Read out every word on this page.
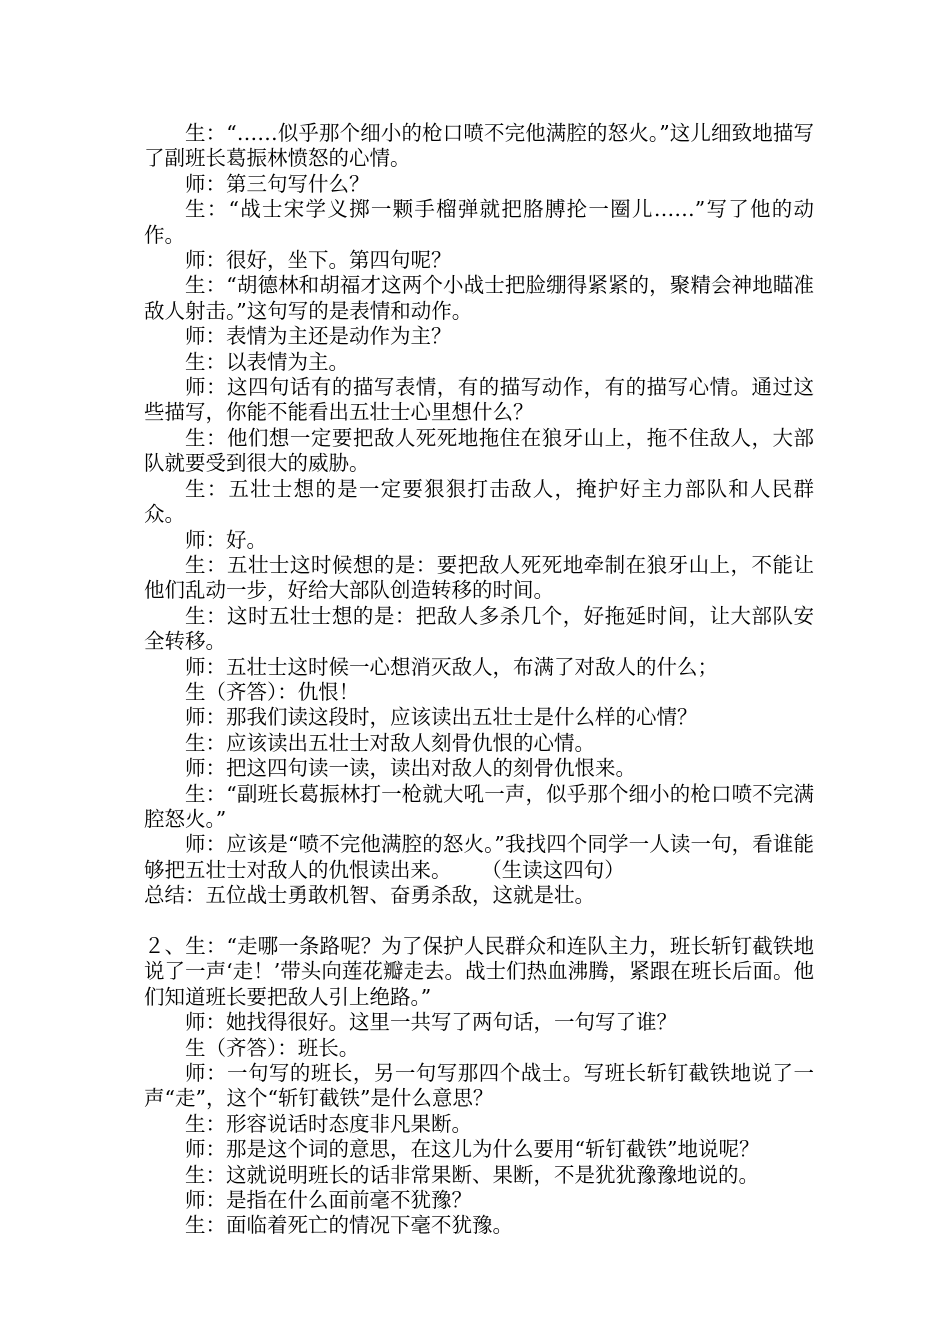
生：“……似乎那个细小的枪口喷不完他满腔的怒火。”这儿细致地描写了副班长葛振林愤怒的心情。

师：第三句写什么？

生：“战士宋学义掷一颗手榴弹就把胳膊抡一圈儿……”写了他的动作。

师：很好，坐下。第四句呢？

生：“胡德林和胡福才这两个小战士把脸绷得紧紧的，聚精会神地瞄准敌人射击。”这句写的是表情和动作。

师：表情为主还是动作为主？

生：以表情为主。

师：这四句话有的描写表情，有的描写动作，有的描写心情。通过这些描写，你能不能看出五壮士心里想什么？

生：他们想一定要把敌人死死地拖住在狼牙山上，拖不住敌人，大部队就要受到很大的威胁。

生：五壮士想的是一定要狠狠打击敌人，掩护好主力部队和人民群众。

师：好。

生：五壮士这时候想的是：要把敌人死死地牵制在狼牙山上，不能让他们乱动一步，好给大部队创造转移的时间。

生：这时五壮士想的是：把敌人多杀几个，好拖延时间，让大部队安全转移。

师：五壮士这时候一心想消灭敌人，布满了对敌人的什么；

生（齐答）：仇恨！

师：那我们读这段时，应该读出五壮士是什么样的心情？

生：应该读出五壮士对敌人刻骨仇恨的心情。

师：把这四句读一读，读出对敌人的刻骨仇恨来。

生：“副班长葛振林打一枪就大吼一声，似乎那个细小的枪口喷不完满腔怒火。”

师：应该是“喷不完他满腔的怒火。”我找四个同学一人读一句，看谁能够把五壮士对敌人的仇恨读出来。 （生读这四句）

总结：五位战士勇敢机智、奋勇杀敌，这就是壮。

２、生：“走哪一条路呢？为了保护人民群众和连队主力，班长斩钉截铁地说了一声‘走！’带头向莲花瓣走去。战士们热血沸腾，紧跟在班长后面。他们知道班长要把敌人引上绝路。”

师：她找得很好。这里一共写了两句话，一句写了谁？

生（齐答）：班长。

师：一句写的班长，另一句写那四个战士。写班长斩钉截铁地说了一声“走”，这个“斩钉截铁”是什么意思？

生：形容说话时态度非凡果断。

师：那是这个词的意思，在这儿为什么要用“斩钉截铁”地说呢？

生：这就说明班长的话非常果断、果断，不是犹犹豫豫地说的。

师：是指在什么面前毫不犹豫？

生：面临着死亡的情况下毫不犹豫。
